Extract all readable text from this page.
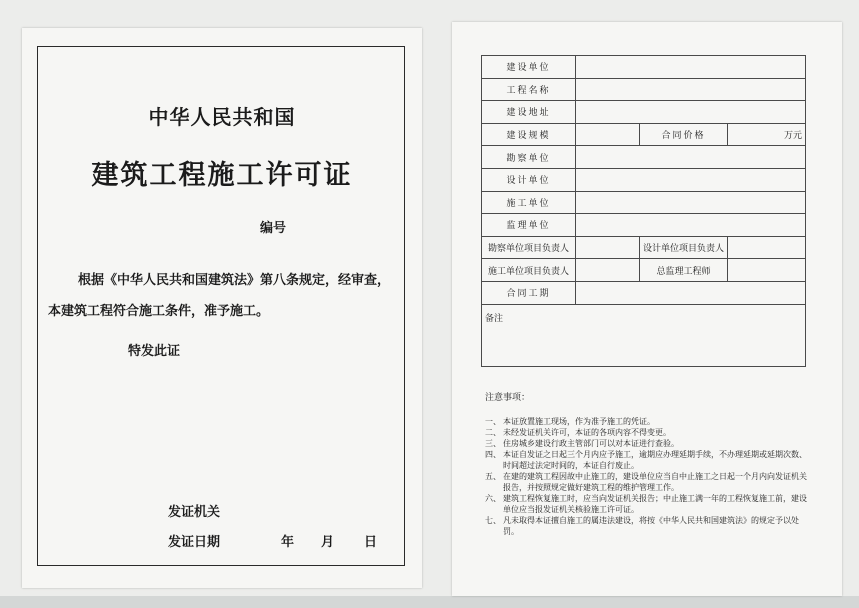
中华人民共和国
建筑工程施工许可证
编号
根据《中华人民共和国建筑法》第八条规定，经审查，
本建筑工程符合施工条件，准予施工。
特发此证
发证机关
发证日期	年 月 日
建设单位			
工程名称			
建设地址			
建设规模		合同价格	万元
勘察单位			
设计单位			
施工单位			
监理单位			
勘察单位项目负责人		设计单位项目负责人	
施工单位项目负责人		总监理工程师	
合同工期			
备注			
注意事项：

一、 本证放置施工现场，作为准予施工的凭证。

二、 未经发证机关许可，本证的各项内容不得变更。

三、 住房城乡建设行政主管部门可以对本证进行查验。

四、 本证自发证之日起三个月内应予施工，逾期应办理延期手续，不办理延期或延期次数、时间超过法定时间的，本证自行废止。

五、 在建的建筑工程因故中止施工的，建设单位应当自中止施工之日起一个月内向发证机关报告，并按照规定做好建筑工程的维护管理工作。

六、 建筑工程恢复施工时，应当向发证机关报告；中止施工满一年的工程恢复施工前，建设单位应当报发证机关核验施工许可证。

七、 凡未取得本证擅自施工的属违法建设，将按《中华人民共和国建筑法》的规定予以处罚。
